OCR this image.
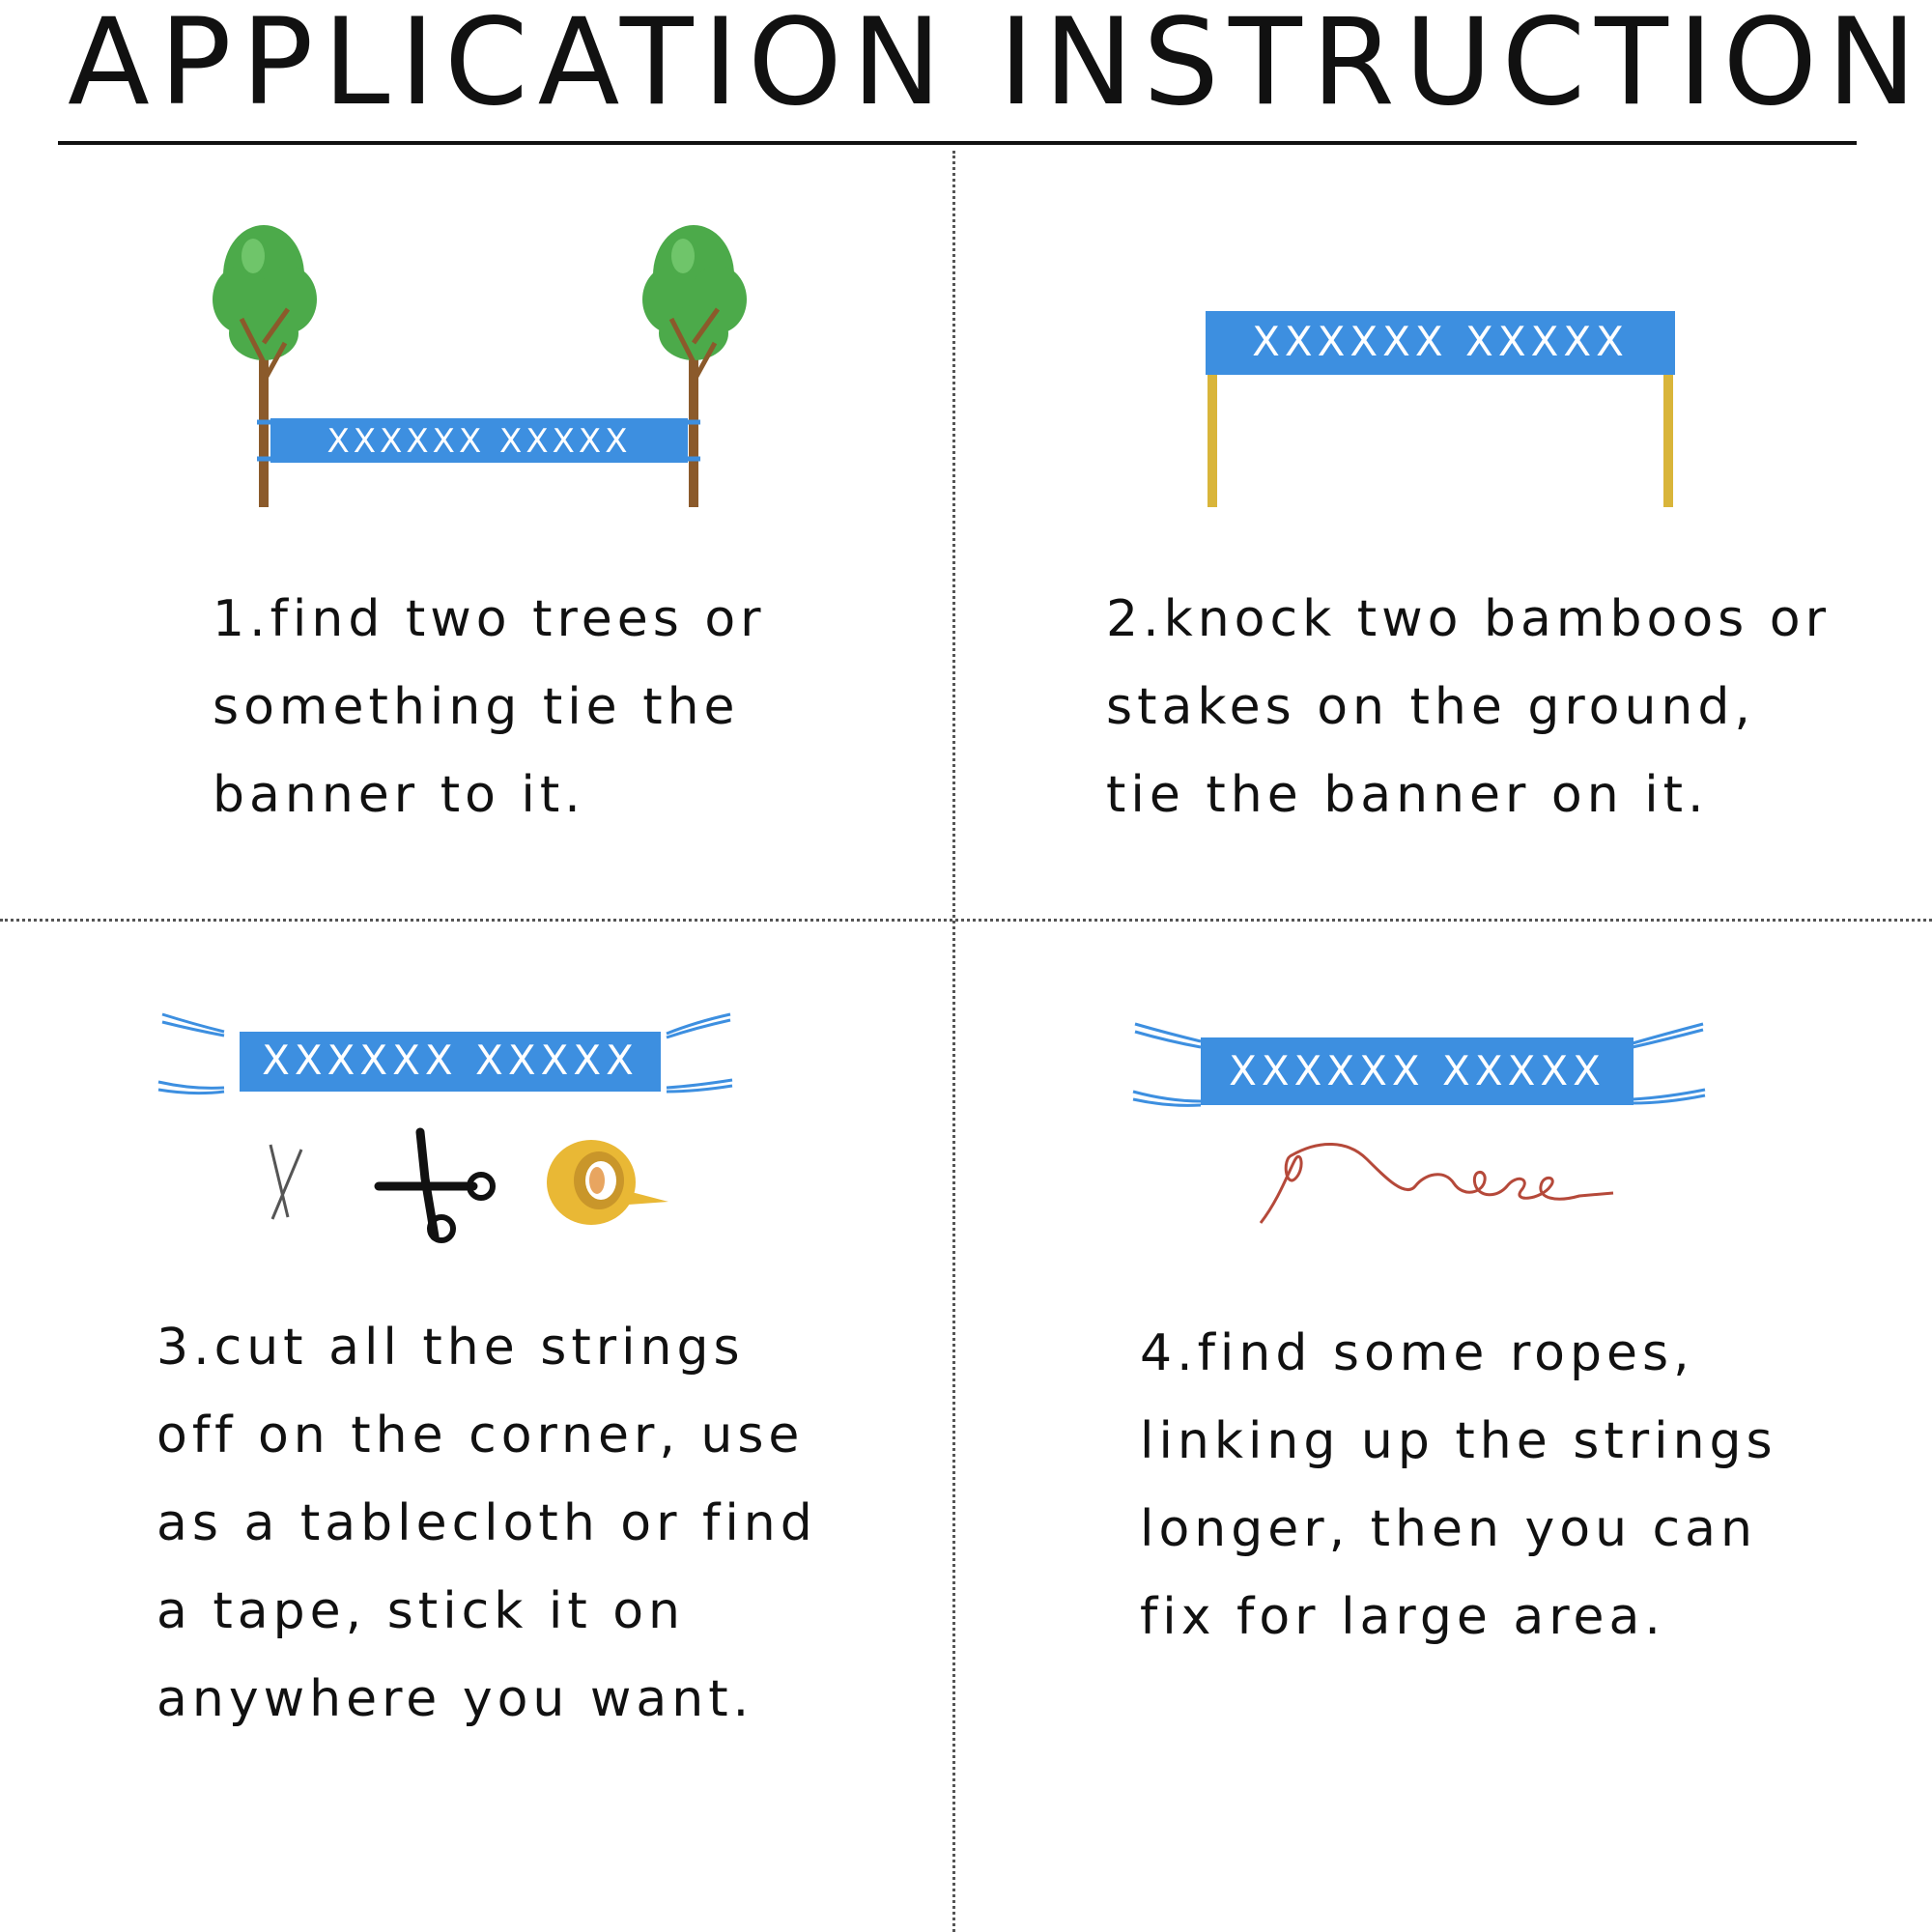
APPLICATION INSTRUCTION
XXXXXX XXXXX

1.find two trees or
something tie the
banner to it.

XXXXXX XXXXX

2.knock two bamboos or
stakes on the ground,
tie the banner on it.

XXXXXX XXXXX

3.cut all the strings
off on the corner, use
as a tablecloth or find
a tape, stick it on
anywhere you want.

XXXXXX XXXXX

4.find some ropes,
linking up the strings
longer, then you can
fix for large area.
